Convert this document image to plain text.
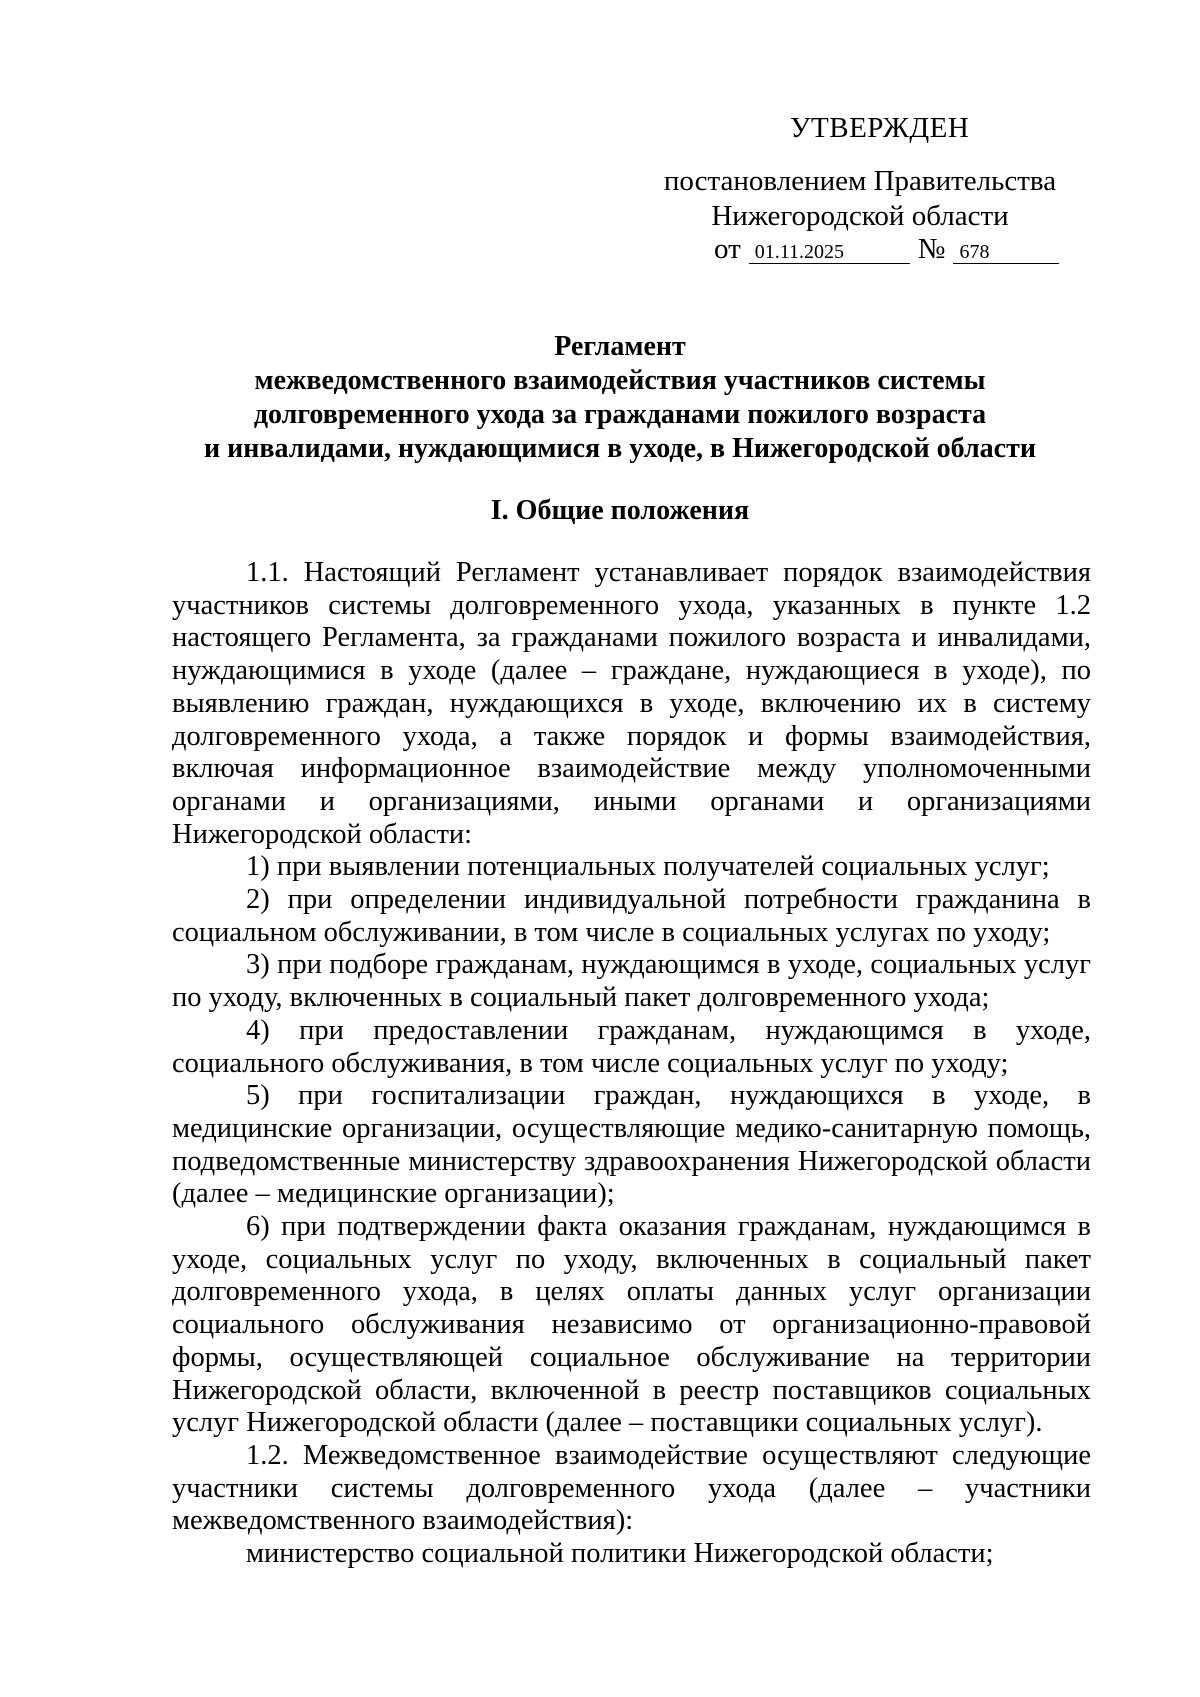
УТВЕРЖДЕН
постановлением Правительства
Нижегородской области
от 01.11.2025	№ 678
Регламент
межведомственного взаимодействия участников системы
долговременного ухода за гражданами пожилого возраста
и инвалидами, нуждающимися в уходе, в Нижегородской области
I. Общие положения

1.1. Настоящий Регламент устанавливает порядок взаимодействия участников системы долговременного ухода, указанных в пункте 1.2 настоящего Регламента, за гражданами пожилого возраста и инвалидами, нуждающимися в уходе (далее – граждане, нуждающиеся в уходе), по выявлению граждан, нуждающихся в уходе, включению их в систему долговременного ухода, а также порядок и формы взаимодействия, включая информационное взаимодействие между уполномоченными органами и организациями, иными органами и организациями Нижегородской области:

1) при выявлении потенциальных получателей социальных услуг;

2) при определении индивидуальной потребности гражданина в социальном обслуживании, в том числе в социальных услугах по уходу;

3) при подборе гражданам, нуждающимся в уходе, социальных услуг по уходу, включенных в социальный пакет долговременного ухода;

4) при предоставлении гражданам, нуждающимся в уходе, социального обслуживания, в том числе социальных услуг по уходу;

5) при госпитализации граждан, нуждающихся в уходе, в медицинские организации, осуществляющие медико-санитарную помощь, подведомственные министерству здравоохранения Нижегородской области (далее – медицинские организации);

6) при подтверждении факта оказания гражданам, нуждающимся в уходе, социальных услуг по уходу, включенных в социальный пакет долговременного ухода, в целях оплаты данных услуг организации социального обслуживания независимо от организационно-правовой формы, осуществляющей социальное обслуживание на территории Нижегородской области, включенной в реестр поставщиков социальных услуг Нижегородской области (далее – поставщики социальных услуг).

1.2. Межведомственное взаимодействие осуществляют следующие участники системы долговременного ухода (далее – участники межведомственного взаимодействия):

министерство социальной политики Нижегородской области;
